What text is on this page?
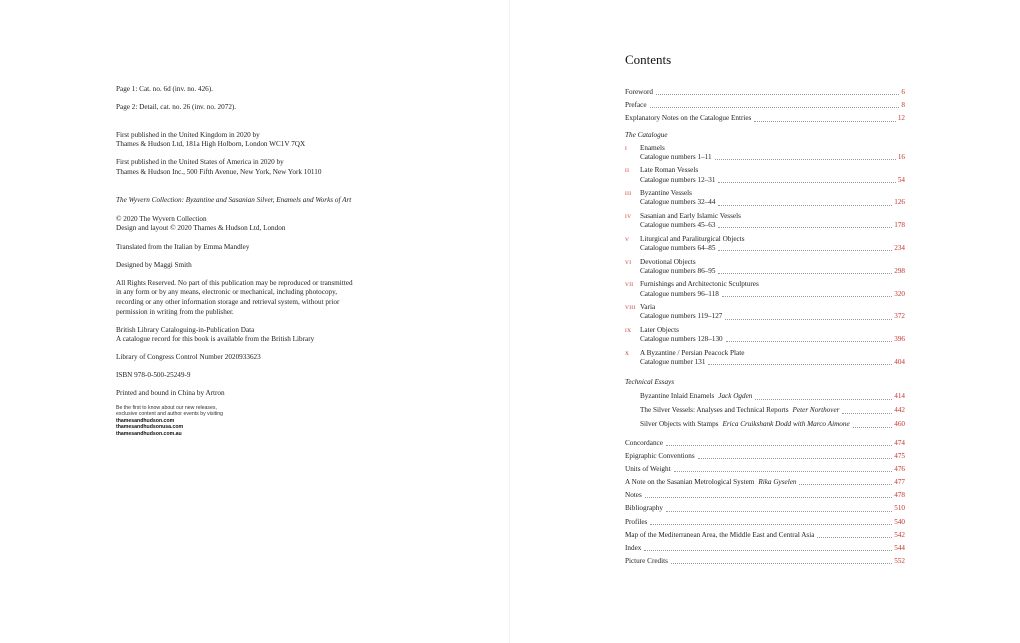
Page 1: Cat. no. 6d (inv. no. 426).

Page 2: Detail, cat. no. 26 (inv. no. 2072).

First published in the United Kingdom in 2020 by
Thames & Hudson Ltd, 181a High Holborn, London WC1V 7QX

First published in the United States of America in 2020 by
Thames & Hudson Inc., 500 Fifth Avenue, New York, New York 10110

The Wyvern Collection: Byzantine and Sasanian Silver, Enamels and Works of Art

© 2020 The Wyvern Collection
Design and layout © 2020 Thames & Hudson Ltd, London

Translated from the Italian by Emma Mandley

Designed by Maggi Smith

All Rights Reserved. No part of this publication may be reproduced or transmitted
in any form or by any means, electronic or mechanical, including photocopy,
recording or any other information storage and retrieval system, without prior
permission in writing from the publisher.

British Library Cataloguing-in-Publication Data
A catalogue record for this book is available from the British Library

Library of Congress Control Number 2020933623

ISBN 978-0-500-25249-9

Printed and bound in China by Artron

Be the first to know about our new releases,
exclusive content and author events by visiting
thamesandhudson.com
thamesandhudsonusa.com
thamesandhudson.com.au
Contents
Foreword	6
Preface	8
Explanatory Notes on the Catalogue Entries	12
The Catalogue
I	Enamels
Catalogue numbers 1–11	16
II	Late Roman Vessels
Catalogue numbers 12–31	54
III	Byzantine Vessels
Catalogue numbers 32–44	126
IV	Sasanian and Early Islamic Vessels
Catalogue numbers 45–63	178
V	Liturgical and Paraliturgical Objects
Catalogue numbers 64–85	234
VI	Devotional Objects
Catalogue numbers 86–95	298
VII Furnishings and Architectonic Sculptures
Catalogue numbers 96–118	320
VIII Varia
Catalogue numbers 119–127	372
IX	Later Objects
Catalogue numbers 128–130	396
X	A Byzantine / Persian Peacock Plate
Catalogue number 131	404
Technical Essays
Byzantine Inlaid Enamels Jack Ogden	414
The Silver Vessels: Analyses and Technical Reports Peter Northover	442
Silver Objects with Stamps Erica Cruikshank Dodd with Marco Aimone	460
Concordance	474
Epigraphic Conventions	475
Units of Weight	476
A Note on the Sasanian Metrological System Rika Gyselen	477
Notes	478
Bibliography	510
Profiles	540
Map of the Mediterranean Area, the Middle East and Central Asia	542
Index	544
Picture Credits	552
